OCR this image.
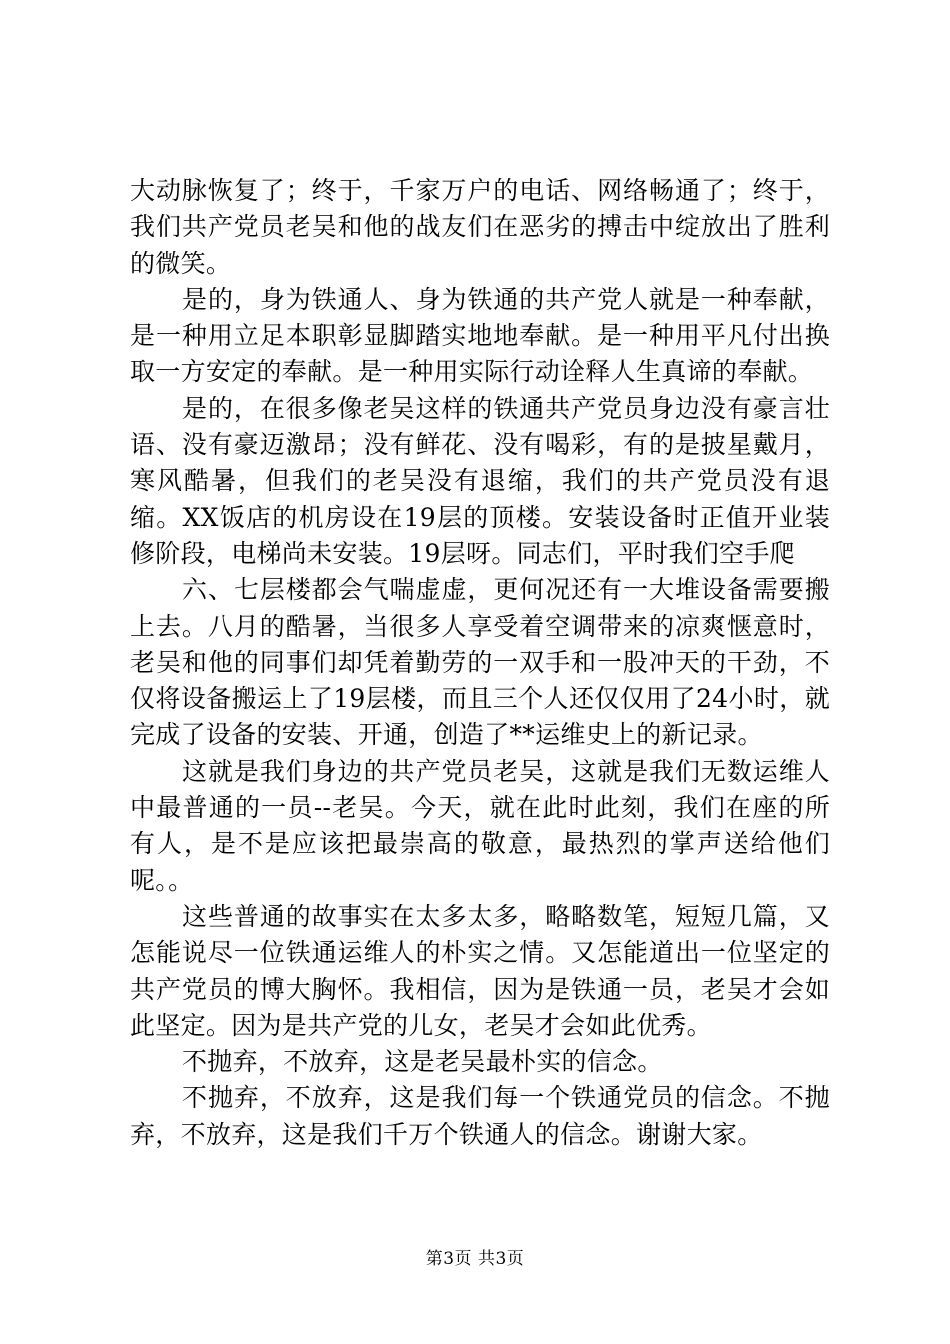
大动脉恢复了；终于，千家万户的电话、网络畅通了；终于，我们共产党员老吴和他的战友们在恶劣的搏击中绽放出了胜利的微笑。

是的，身为铁通人、身为铁通的共产党人就是一种奉献，是一种用立足本职彰显脚踏实地地奉献。是一种用平凡付出换取一方安定的奉献。是一种用实际行动诠释人生真谛的奉献。

是的，在很多像老吴这样的铁通共产党员身边没有豪言壮语、没有豪迈激昂；没有鲜花、没有喝彩，有的是披星戴月，寒风酷暑，但我们的老吴没有退缩，我们的共产党员没有退缩。XX饭店的机房设在19层的顶楼。安装设备时正值开业装修阶段，电梯尚未安装。19层呀。同志们，平时我们空手爬

六、七层楼都会气喘虚虚，更何况还有一大堆设备需要搬上去。八月的酷暑，当很多人享受着空调带来的凉爽惬意时，老吴和他的同事们却凭着勤劳的一双手和一股冲天的干劲，不仅将设备搬运上了19层楼，而且三个人还仅仅用了24小时，就完成了设备的安装、开通，创造了**运维史上的新记录。

这就是我们身边的共产党员老吴，这就是我们无数运维人中最普通的一员--老吴。今天，就在此时此刻，我们在座的所有人，是不是应该把最崇高的敬意，最热烈的掌声送给他们呢。。

这些普通的故事实在太多太多，略略数笔，短短几篇，又怎能说尽一位铁通运维人的朴实之情。又怎能道出一位坚定的共产党员的博大胸怀。我相信，因为是铁通一员，老吴才会如此坚定。因为是共产党的儿女，老吴才会如此优秀。

不抛弃，不放弃，这是老吴最朴实的信念。

不抛弃，不放弃，这是我们每一个铁通党员的信念。不抛弃，不放弃，这是我们千万个铁通人的信念。谢谢大家。

第3页 共3页
